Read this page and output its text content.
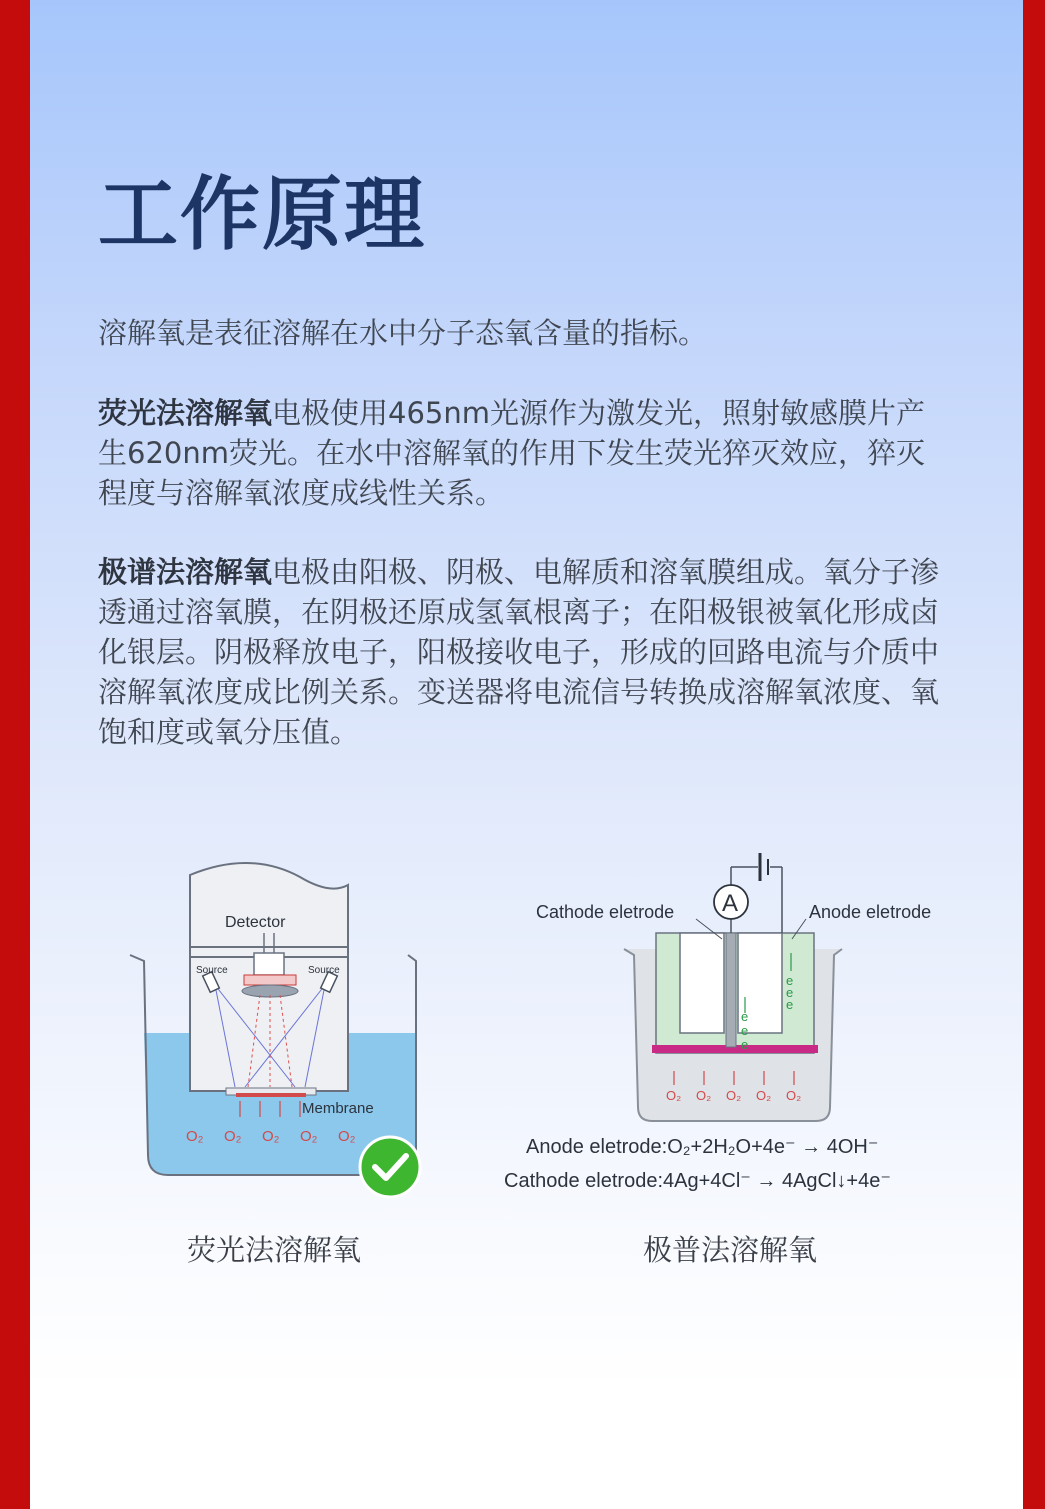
工作原理

溶解氧是表征溶解在水中分子态氧含量的指标。

荧光法溶解氧电极使用465nm光源作为激发光，照射敏感膜片产生620nm荧光。在水中溶解氧的作用下发生荧光猝灭效应，猝灭程度与溶解氧浓度成线性关系。

极谱法溶解氧电极由阳极、阴极、电解质和溶氧膜组成。氧分子渗透通过溶氧膜，在阴极还原成氢氧根离子；在阳极银被氧化形成卤化银层。阴极释放电子，阳极接收电子，形成的回路电流与介质中溶解氧浓度成比例关系。变送器将电流信号转换成溶解氧浓度、氧饱和度或氧分压值。

Detector
Source	Source
Membrane
O₂ O₂ O₂ O₂ O₂
荧光法溶解氧
A
Cathode eletrode	Anode eletrode
e
e
e
e
e
e
O₂ O₂ O₂ O₂ O₂
Anode eletrode:O₂+2H₂O+4e⁻ → 4OH⁻
Cathode eletrode:4Ag+4Cl⁻ → 4AgCl↓+4e⁻
极普法溶解氧
